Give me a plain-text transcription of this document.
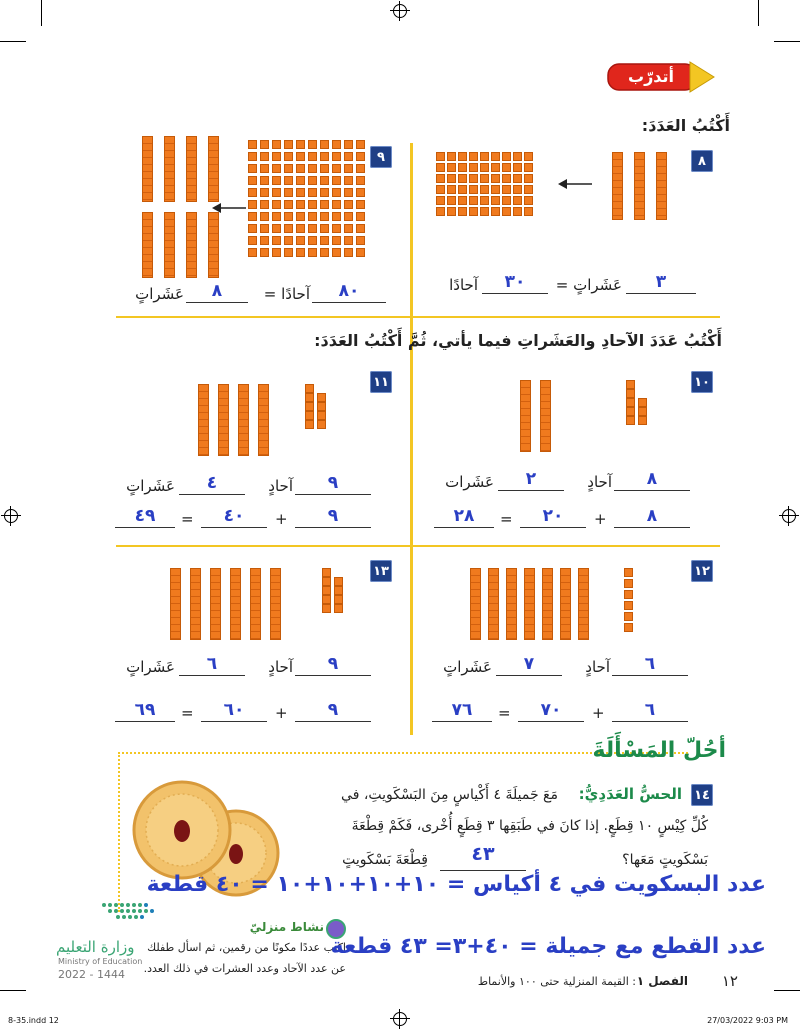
أتدرّب
أَكْتُبُ العَدَدَ:
٨
٣
عَشَراتٍ =
٣٠
آحادًا
٩
٨٠
آحادًا =
٨
عَشَراتٍ
أَكْتُبُ عَدَدَ الآحادِ والعَشَراتِ فيما يأتي، ثُمَّ أَكْتُبُ العَدَدَ:
١٠
١١
١٢
١٣
٨
آحادٍ
٢
عَشَرات
٨
+
٢٠
=
٢٨
٩
آحادٍ
٤
عَشَراتٍ
٩
+
٤٠
=
٤٩
٦
آحادٍ
٧
عَشَراتٍ
٦
+
٧٠
=
٧٦
٩
آحادٍ
٦
عَشَراتٍ
٩
+
٦٠
=
٦٩
أحُلّ المَسْأَلَةَ
١٤
الحسُّ العَدَدِيُّ:
مَعَ جَميلَةَ ٤ أَكْياسٍ مِنَ البَسْكَويتِ، في
كُلِّ كِيْسٍ ١٠ قِطَعٍ. إذا كانَ في طَبَقِها ٣ قِطَعٍ أُخْرى، فَكَمْ قِطْعَةَ
بَسْكَويتٍ مَعَها؟
٤٣
قِطْعَةَ بَسْكَويتٍ
عدد البسكويت في ٤ أكياس = ١٠+١٠+١٠+١٠ = ٤٠ قطعة
نشاط منزليّ
اكتب عددًا مكونًا من رقمين، ثم اسأل طفلك
عن عدد الآحاد وعدد العشرات في ذلك العدد.
عدد القطع مع جميلة = ٤٠+٣= ٤٣ قطعة
وزارة التعليم
Ministry of Education
2022 - 1444	١٢
الفصل ١
: القيمة المنزلية حتى ١٠٠ والأنماط
8-35.indd 12	27/03/2022 9:03 PM
